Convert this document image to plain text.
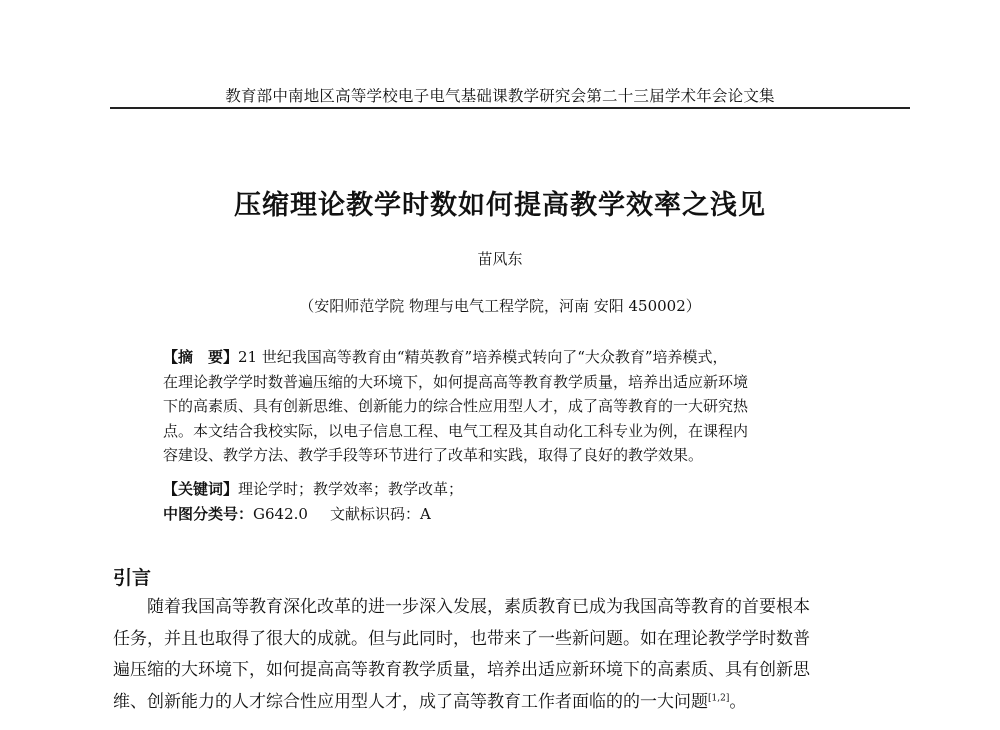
教育部中南地区高等学校电子电气基础课教学研究会第二十三届学术年会论文集
压缩理论教学时数如何提高教学效率之浅见
苗风东
（安阳师范学院 物理与电气工程学院，河南 安阳 450002）
【摘　要】21 世纪我国高等教育由“精英教育”培养模式转向了“大众教育”培养模式，
在理论教学学时数普遍压缩的大环境下，如何提高高等教育教学质量，培养出适应新环境
下的高素质、具有创新思维、创新能力的综合性应用型人才，成了高等教育的一大研究热
点。本文结合我校实际，以电子信息工程、电气工程及其自动化工科专业为例，在课程内
容建设、教学方法、教学手段等环节进行了改革和实践，取得了良好的教学效果。
【关键词】理论学时；教学效率；教学改革；
中图分类号：G642.0 文献标识码：A
引言
随着我国高等教育深化改革的进一步深入发展，素质教育已成为我国高等教育的首要根本
任务，并且也取得了很大的成就。但与此同时，也带来了一些新问题。如在理论教学学时数普
遍压缩的大环境下，如何提高高等教育教学质量，培养出适应新环境下的高素质、具有创新思
维、创新能力的人才综合性应用型人才，成了高等教育工作者面临的的一大问题[1,2]。
